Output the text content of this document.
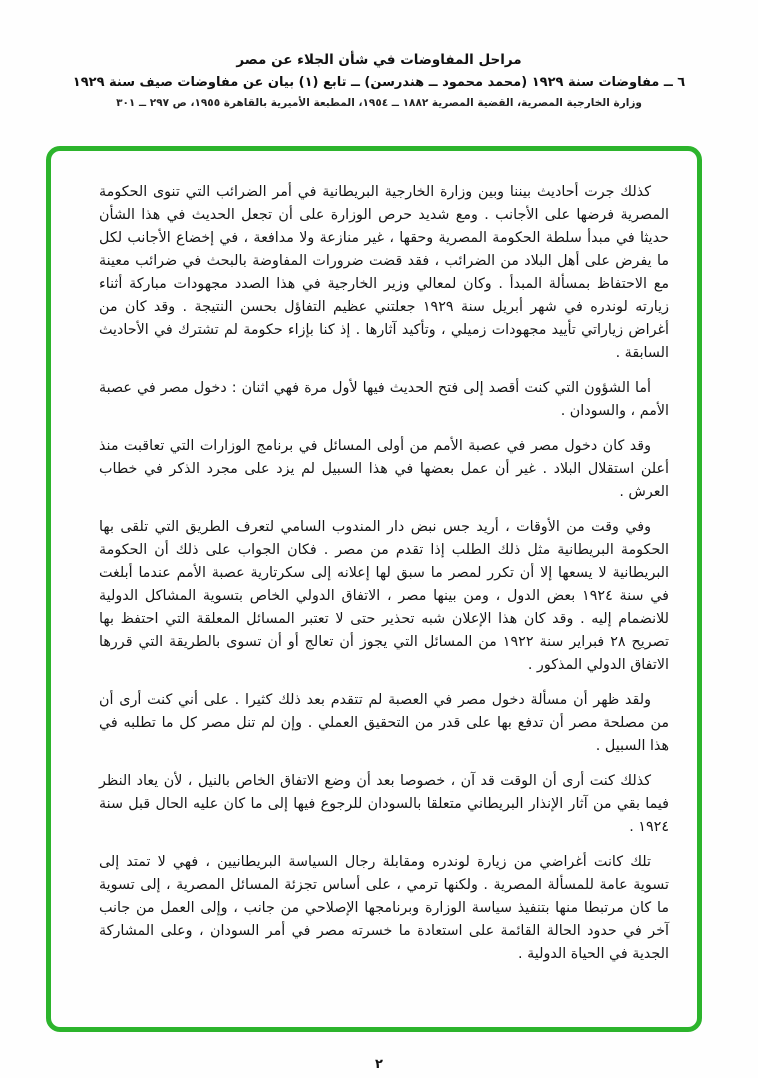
مراحل المفاوضات في شأن الجلاء عن مصر
٦ ــ مفاوضات سنة ١٩٢٩ (محمد محمود ــ هندرسن) ــ تابع (١) بيان عن مفاوضات صيف سنة ١٩٢٩
وزارة الخارجية المصرية، القضية المصرية ١٨٨٢ ــ ١٩٥٤، المطبعة الأميرية بالقاهرة ١٩٥٥، ص ٢٩٧ ــ ٣٠١

كذلك جرت أحاديث بيننا وبين وزارة الخارجية البريطانية في أمر الضرائب التي تنوى الحكومة المصرية فرضها على الأجانب . ومع شديد حرص الوزارة على أن تجعل الحديث في هذا الشأن حديثا في مبدأ سلطة الحكومة المصرية وحقها ، غير منازعة ولا مدافعة ، في إخضاع الأجانب لكل ما يفرض على أهل البلاد من الضرائب ، فقد قضت ضرورات المفاوضة بالبحث في ضرائب معينة مع الاحتفاظ بمسألة المبدأ . وكان لمعالي وزير الخارجية في هذا الصدد مجهودات مباركة أثناء زيارته لوندره في شهر أبريل سنة ١٩٢٩ جعلتني عظيم التفاؤل بحسن النتيجة . وقد كان من أغراض زياراتي تأييد مجهودات زميلي ، وتأكيد آثارها . إذ كنا بإزاء حكومة لم تشترك في الأحاديث السابقة .

أما الشؤون التي كنت أقصد إلى فتح الحديث فيها لأول مرة فهي اثنان : دخول مصر في عصبة الأمم ، والسودان .

وقد كان دخول مصر في عصبة الأمم من أولى المسائل في برنامج الوزارات التي تعاقبت منذ أعلن استقلال البلاد . غير أن عمل بعضها في هذا السبيل لم يزد على مجرد الذكر في خطاب العرش .

وفي وقت من الأوقات ، أريد جس نبض دار المندوب السامي لتعرف الطريق التي تلقى بها الحكومة البريطانية مثل ذلك الطلب إذا تقدم من مصر . فكان الجواب على ذلك أن الحكومة البريطانية لا يسعها إلا أن تكرر لمصر ما سبق لها إعلانه إلى سكرتارية عصبة الأمم عندما أبلغت في سنة ١٩٢٤ بعض الدول ، ومن بينها مصر ، الاتفاق الدولي الخاص بتسوية المشاكل الدولية للانضمام إليه . وقد كان هذا الإعلان شبه تحذير حتى لا تعتبر المسائل المعلقة التي احتفظ بها تصريح ٢٨ فبراير سنة ١٩٢٢ من المسائل التي يجوز أن تعالج أو أن تسوى بالطريقة التي قررها الاتفاق الدولي المذكور .

ولقد ظهر أن مسألة دخول مصر في العصبة لم تتقدم بعد ذلك كثيرا . على أني كنت أرى أن من مصلحة مصر أن تدفع بها على قدر من التحقيق العملي . وإن لم تنل مصر كل ما تطلبه في هذا السبيل .

كذلك كنت أرى أن الوقت قد آن ، خصوصا بعد أن وضع الاتفاق الخاص بالنيل ، لأن يعاد النظر فيما بقي من آثار الإنذار البريطاني متعلقا بالسودان للرجوع فيها إلى ما كان عليه الحال قبل سنة ١٩٢٤ .

تلك كانت أغراضي من زيارة لوندره ومقابلة رجال السياسة البريطانيين ، فهي لا تمتد إلى تسوية عامة للمسألة المصرية . ولكنها ترمي ، على أساس تجزئة المسائل المصرية ، إلى تسوية ما كان مرتبطا منها بتنفيذ سياسة الوزارة وبرنامجها الإصلاحي من جانب ، وإلى العمل من جانب آخر في حدود الحالة القائمة على استعادة ما خسرته مصر في أمر السودان ، وعلى المشاركة الجدية في الحياة الدولية .

٢
